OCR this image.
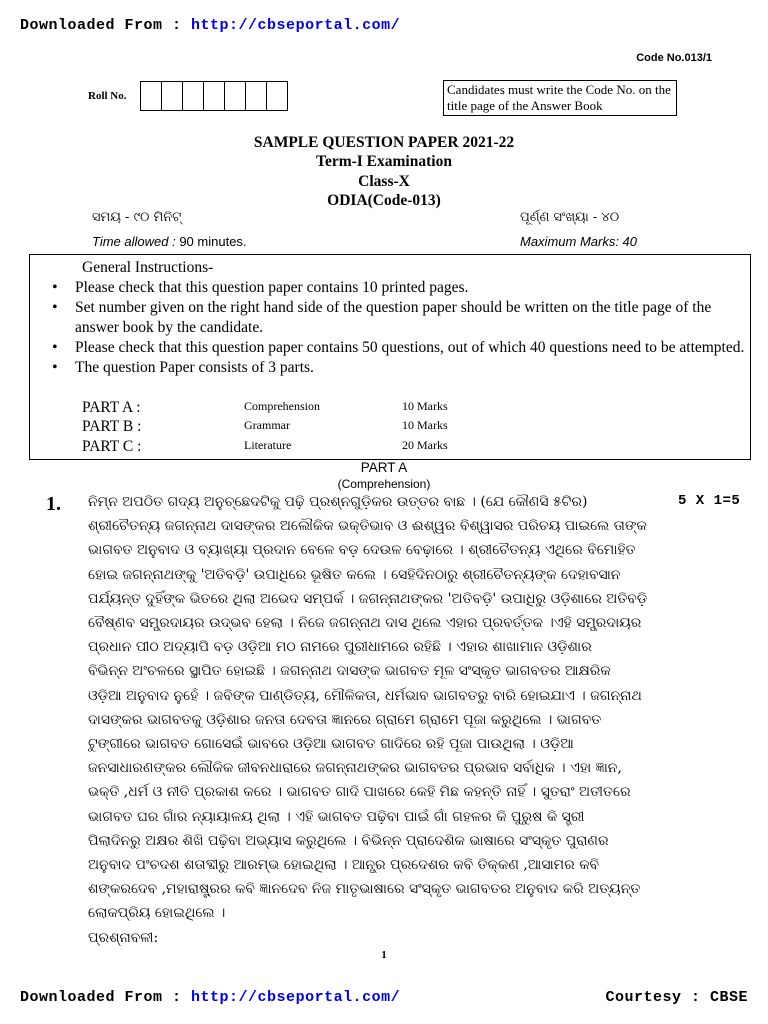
Downloaded From : http://cbseportal.com/
Code No.013/1
Roll No.	Candidates must write the Code No. on the title page of the Answer Book
SAMPLE QUESTION PAPER 2021-22
Term-I Examination
Class-X
ODIA(Code-013)
ସମୟ - ୯୦ ମିନିଟ୍	ପୂର୍ଣ୍ଣ ସଂଖ୍ୟା - ୪୦
Time allowed : 90 minutes.	Maximum Marks: 40
General Instructions-
• Please check that this question paper contains 10 printed pages.
• Set number given on the right hand side of the question paper should be written on the title page of the answer book by the candidate.
• Please check that this question paper contains 50 questions, out of which 40 questions need to be attempted.
• The question Paper consists of 3 parts.
PART A :	Comprehension	10 Marks
PART B :	Grammar	10 Marks
PART C :	Literature	20 Marks
PART A
(Comprehension)
1.	5 X 1=5
ନିମ୍ନ ଅପଠିତ ଗଦ୍ୟ ଅନୁଚ୍ଛେଦଟିକୁ ପଢ଼ି ପ୍ରଶ୍ନଗୁଡ଼ିକର ଉତ୍ତର ବାଛ । (ଯେ କୌଣସି ୫ଟିର)
ଶ୍ରୀଚୈତନ୍ୟ ଜଗନ୍ନାଥ ଦାସଙ୍କର ଅଲୌକିକ ଭକ୍ତିଭାବ ଓ ଈଶ୍ୱର ବିଶ୍ୱାସର ପରିଚୟ ପାଇଲେ ତାଙ୍କ
ଭାଗବତ ଅନୁବାଦ ଓ ବ୍ୟାଖ୍ୟା ପ୍ରଦାନ ବେଳେ ବଡ଼ ଦେଉଳ ବେଢ଼ାରେ । ଶ୍ରୀଚୈତନ୍ୟ ଏଥିରେ ବିମୋହିତ
ହୋଇ ଜଗନ୍ନାଥଙ୍କୁ 'ଅତିବଡ଼ି' ଉପାଧିରେ ଭୂଷିତ କଲେ । ସେହିଦିନଠାରୁ ଶ୍ରୀଚୈତନ୍ୟଙ୍କ ଦେହାବସାନ
ପର୍ଯ୍ୟନ୍ତ ଦୁହିଁଙ୍କ ଭିତରେ ଥିଲା ଅଭେଦ ସମ୍ପର୍କ । ଜଗନ୍ନାଥଙ୍କର 'ଅତିବଡ଼ି' ଉପାଧିରୁ ଓଡ଼ିଶାରେ ଅତିବଡ଼ି
ବୈଷ୍ଣବ ସମ୍ପ୍ରଦାୟର ଉଦ୍ଭବ ହେଲା । ନିଜେ ଜଗନ୍ନାଥ ଦାସ ଥିଲେ ଏହାର ପ୍ରବର୍ତ୍ତକ ।ଏହି ସମ୍ପ୍ରଦାୟର
ପ୍ରଧାନ ପୀଠ ଅଦ୍ୟାପି ବଡ଼ ଓଡ଼ିଆ ମଠ ନାମରେ ପୁରୀଧାମରେ ରହିଛି । ଏହାର ଶାଖାମାନ ଓଡ଼ିଶାର
ବିଭିନ୍ନ ଅଂଚଳରେ ସ୍ଥାପିତ ହୋଇଛି । ଜଗନ୍ନାଥ ଦାସଙ୍କ ଭାଗବତ ମୂଳ ସଂସ୍କୃତ ଭାଗବତର ଆକ୍ଷରିକ
ଓଡ଼ିଆ ଅନୁବାଦ ନୁହେଁ । ଜବିଙ୍କ ପାଣ୍ଡିତ୍ୟ, ମୌଳିକତା, ଧର୍ମଭାବ ଭାଗବତରୁ ବାରି ହୋଇଯାଏ । ଜଗନ୍ନାଥ
ଦାସଙ୍କର ଭାଗବତକୁ ଓଡ଼ିଶାର ଜନତା ଦେବତା ଜ୍ଞାନରେ ଗ୍ରାମେ ଗ୍ରାମେ ପୂଜା କରୁଥିଲେ । ଭାଗବତ
ଟୁଙ୍ଗୀରେ ଭାଗବତ ଗୋସେଇଁ ଭାବରେ ଓଡ଼ିଆ ଭାଗବତ ଗାଦିରେ ରହି ପୂଜା ପାଉଥିଲା । ଓଡ଼ିଆ
ଜନସାଧାରଣଙ୍କର ଲୌକିକ ଜୀବନଧାରାରେ ଜଗନ୍ନାଥଙ୍କର ଭାଗବତର ପ୍ରଭାବ ସର୍ବାଧିକ । ଏହା ଜ୍ଞାନ,
ଭକ୍ତି ,ଧର୍ମ ଓ ନୀତି ପ୍ରକାଶ କରେ । ଭାଗବତ ଗାଦି ପାଖରେ କେହି ମିଛ କହନ୍ତି ନାହିଁ । ସୁତରାଂ ଅତୀତରେ
ଭାଗବତ ଘର ଗାଁର ନ୍ୟାୟାଳୟ ଥିଲା । ଏହି ଭାଗବତ ପଢ଼ିବା ପାଇଁ ଗାଁ ଗହଳର କି ପୁରୁଷ କି ସ୍ତ୍ରୀ
ପିଲାଦିନରୁ ଅକ୍ଷର ଶିଖି ପଢ଼ିବା ଅଭ୍ୟାସ କରୁଥିଲେ । ବିଭିନ୍ନ ପ୍ରାଦେଶିକ ଭାଷାରେ ସଂସ୍କୃତ ପୁରାଣର
ଅନୁବାଦ ପଂଚଦଶ ଶତାବ୍ଦୀରୁ ଆରମ୍ଭ ହୋଇଥିଲା । ଆନ୍ଧ୍ର ପ୍ରଦେଶର କବି ତିକ୍କଣ ,ଆସାମର କବି
ଶଙ୍କରଦେବ ,ମହାରାଷ୍ଟ୍ରର କବି ଜ୍ଞାନଦେବ ନିଜ ମାତୃଭାଷାରେ ସଂସ୍କୃତ ଭାଗବତର ଅନୁବାଦ କରି ଅତ୍ୟନ୍ତ
ଲୋକପ୍ରିୟ ହୋଇଥିଲେ ।
ପ୍ରଶ୍ନାବଳୀ:
1
Downloaded From : http://cbseportal.com/	Courtesy : CBSE
